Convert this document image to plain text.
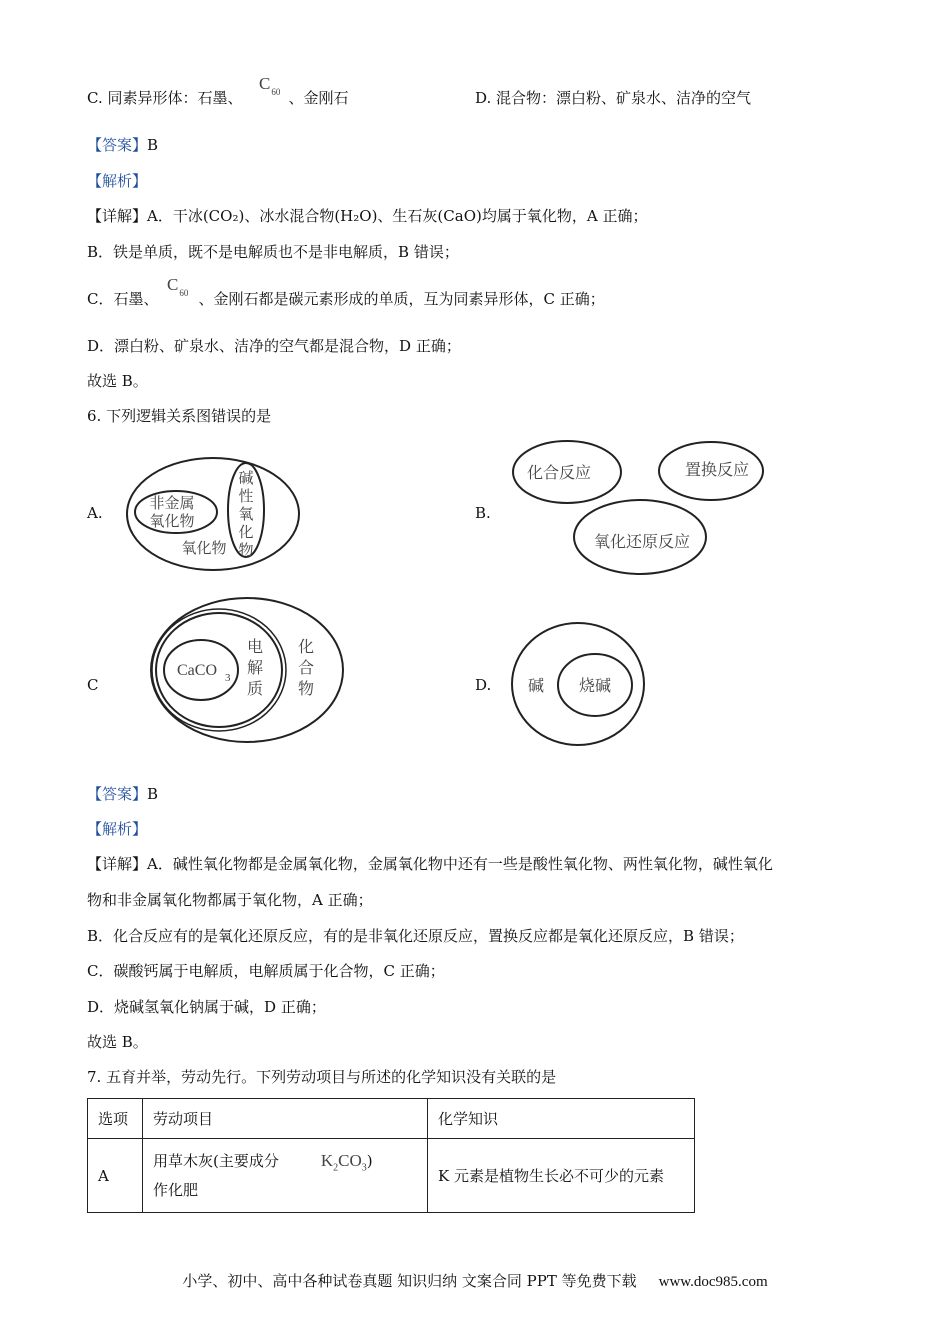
C. 同素异形体：石墨、	、金刚石
$C_{60}$	D. 混合物：漂白粉、矿泉水、洁净的空气
【答案】B
【解析】
【详解】A．干冰(CO₂)、冰水混合物(H₂O)、生石灰(CaO)均属于氧化物，A 正确；
B．铁是单质，既不是电解质也不是非电解质，B 错误；
C．石墨、	、金刚石都是碳元素形成的单质，互为同素异形体，C 正确；
$C_{60}$
D．漂白粉、矿泉水、洁净的空气都是混合物，D 正确；
故选 B。
6. 下列逻辑关系图错误的是
A.
非金属
氧化物
碱
性
氧
化
物
氧化物
B.
化合反应	置换反应
氧化还原反应
C
CaCO 3
电
解
质
化
合
物	D. 碱 烧碱
【答案】B
【解析】
【详解】A．碱性氧化物都是金属氧化物，金属氧化物中还有一些是酸性氧化物、两性氧化物，碱性氧化
物和非金属氧化物都属于氧化物，A 正确；
B．化合反应有的是氧化还原反应，有的是非氧化还原反应，置换反应都是氧化还原反应，B 错误；
C．碳酸钙属于电解质，电解质属于化合物，C 正确；
D．烧碱氢氧化钠属于碱，D 正确；
故选 B。
7. 五育并举，劳动先行。下列劳动项目与所述的化学知识没有关联的是
选项	劳动项目	化学知识
A	用草木灰(主要成分 $K_2CO_3$)
作化肥	K 元素是植物生长必不可少的元素
小学、初中、高中各种试卷真题 知识归纳 文案合同 PPT 等免费下载 www.doc985.com
